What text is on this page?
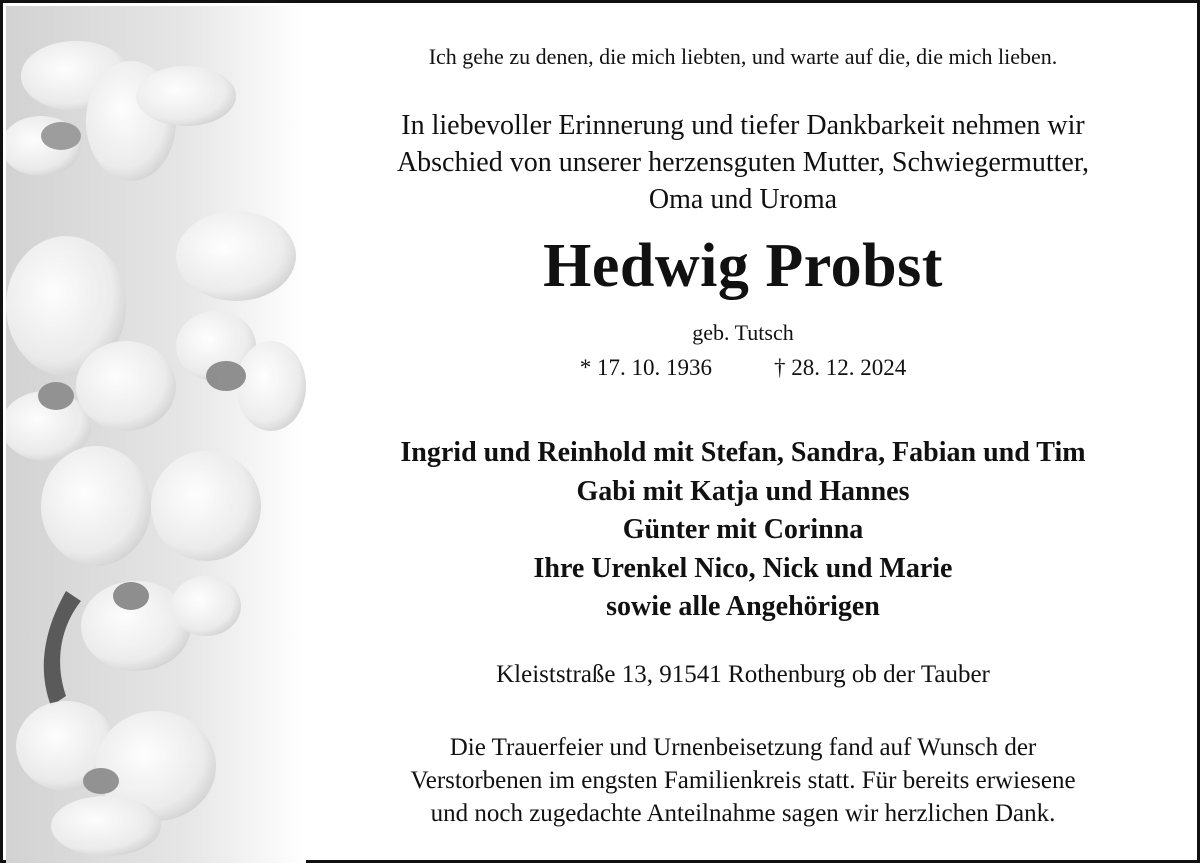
Ich gehe zu denen, die mich liebten, und warte auf die, die mich lieben.
In liebevoller Erinnerung und tiefer Dankbarkeit nehmen wir
Abschied von unserer herzensguten Mutter, Schwiegermutter,
Oma und Uroma
Hedwig Probst
geb. Tutsch
* 17. 10. 1936	† 28. 12. 2024
Ingrid und Reinhold mit Stefan, Sandra, Fabian und Tim
Gabi mit Katja und Hannes
Günter mit Corinna
Ihre Urenkel Nico, Nick und Marie
sowie alle Angehörigen
Kleiststraße 13, 91541 Rothenburg ob der Tauber
Die Trauerfeier und Urnenbeisetzung fand auf Wunsch der
Verstorbenen im engsten Familienkreis statt. Für bereits erwiesene
und noch zugedachte Anteilnahme sagen wir herzlichen Dank.
